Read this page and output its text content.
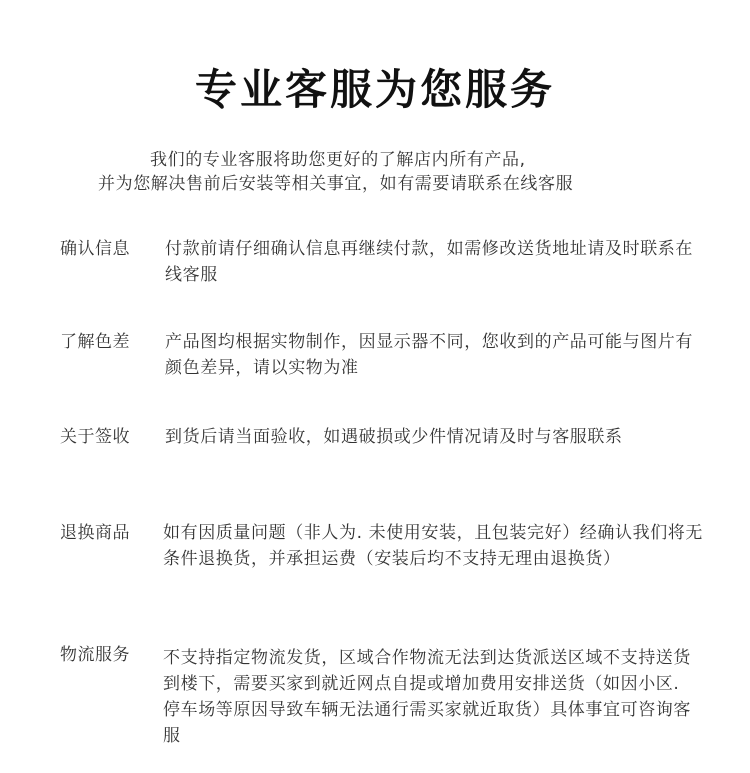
专业客服为您服务
我们的专业客服将助您更好的了解店内所有产品,
并为您解决售前后安装等相关事宜，如有需要请联系在线客服
确认信息 付款前请仔细确认信息再继续付款，如需修改送货地址请及时联系在线客服
了解色差 产品图均根据实物制作，因显示器不同，您收到的产品可能与图片有颜色差异，请以实物为准
关于签收 到货后请当面验收，如遇破损或少件情况请及时与客服联系
退换商品 如有因质量问题（非人为. 未使用安装，且包装完好）经确认我们将无条件退换货，并承担运费（安装后均不支持无理由退换货）
物流服务 不支持指定物流发货，区域合作物流无法到达货派送区域不支持送货到楼下，需要买家到就近网点自提或增加费用安排送货（如因小区. 停车场等原因导致车辆无法通行需买家就近取货）具体事宜可咨询客服
